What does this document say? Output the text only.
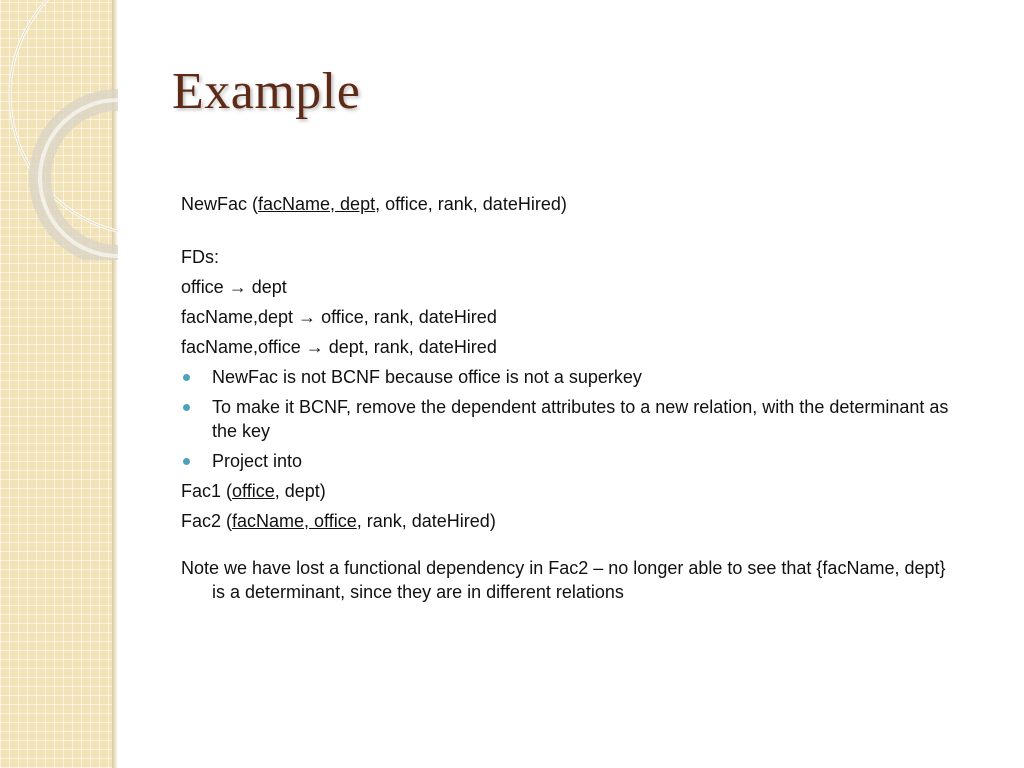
Example

NewFac (facName, dept, office, rank, dateHired)

FDs:

office → dept

facName,dept → office, rank, dateHired

facName,office → dept, rank, dateHired

NewFac is not BCNF because office is not a superkey
To make it BCNF, remove the dependent attributes to a new relation, with the determinant as the key
Project into

Fac1 (office, dept)

Fac2 (facName, office, rank, dateHired)

Note we have lost a functional dependency in Fac2 – no longer able to see that {facName, dept} is a determinant, since they are in different relations
